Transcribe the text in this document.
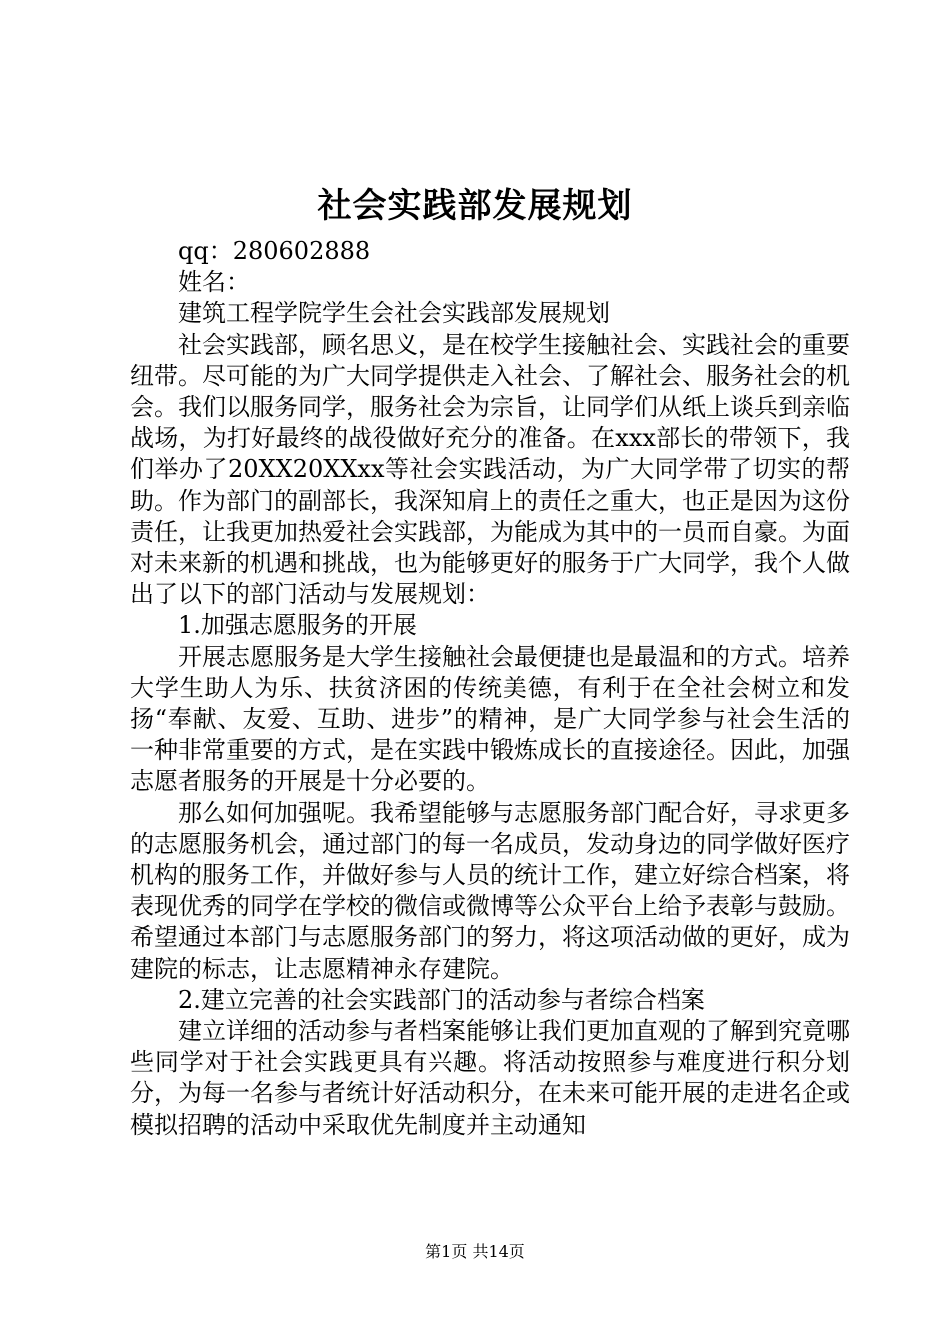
社会实践部发展规划

qq：280602888

姓名：

建筑工程学院学生会社会实践部发展规划

社会实践部，顾名思义，是在校学生接触社会、实践社会的重要纽带。尽可能的为广大同学提供走入社会、了解社会、服务社会的机会。我们以服务同学，服务社会为宗旨，让同学们从纸上谈兵到亲临战场，为打好最终的战役做好充分的准备。在xxx部长的带领下，我们举办了20XX20XXxx等社会实践活动，为广大同学带了切实的帮助。作为部门的副部长，我深知肩上的责任之重大，也正是因为这份责任，让我更加热爱社会实践部，为能成为其中的一员而自豪。为面对未来新的机遇和挑战，也为能够更好的服务于广大同学，我个人做出了以下的部门活动与发展规划：

1.加强志愿服务的开展

开展志愿服务是大学生接触社会最便捷也是最温和的方式。培养大学生助人为乐、扶贫济困的传统美德，有利于在全社会树立和发扬“奉献、友爱、互助、进步”的精神，是广大同学参与社会生活的一种非常重要的方式，是在实践中锻炼成长的直接途径。因此，加强志愿者服务的开展是十分必要的。

那么如何加强呢。我希望能够与志愿服务部门配合好，寻求更多的志愿服务机会，通过部门的每一名成员，发动身边的同学做好医疗机构的服务工作，并做好参与人员的统计工作，建立好综合档案，将表现优秀的同学在学校的微信或微博等公众平台上给予表彰与鼓励。希望通过本部门与志愿服务部门的努力，将这项活动做的更好，成为建院的标志，让志愿精神永存建院。

2.建立完善的社会实践部门的活动参与者综合档案

建立详细的活动参与者档案能够让我们更加直观的了解到究竟哪些同学对于社会实践更具有兴趣。将活动按照参与难度进行积分划分，为每一名参与者统计好活动积分，在未来可能开展的走进名企或模拟招聘的活动中采取优先制度并主动通知

第1页 共14页
